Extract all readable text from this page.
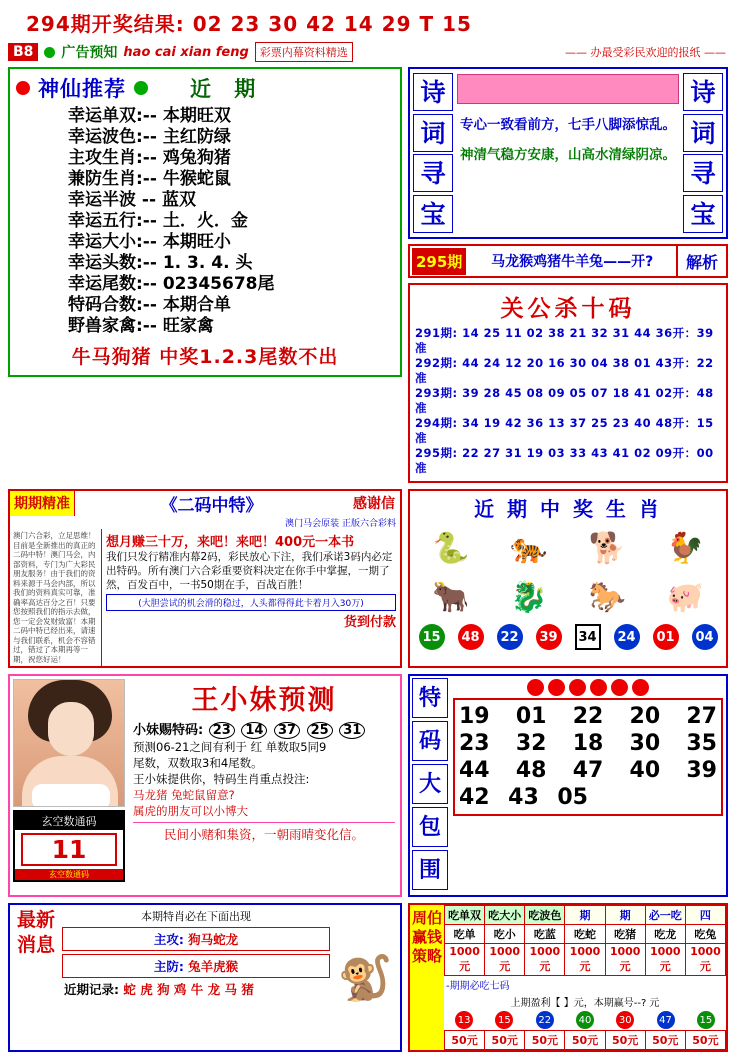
294期开奖结果: 02 23 30 42 14 29 T 15
B8	广告预知 hao cai xian feng	彩票内幕资料精选	—— 办最受彩民欢迎的报纸 ——
神仙推荐	近 期
幸运单双:-- 本期旺双
幸运波色:-- 主红防绿
主攻生肖:-- 鸡兔狗猪
兼防生肖:-- 牛猴蛇鼠
幸运半波 -- 蓝双
幸运五行:-- 土．火．金
幸运大小:-- 本期旺小
幸运头数:-- 1. 3. 4. 头
幸运尾数:-- 02345678尾
特码合数:-- 本期合单
野兽家禽:-- 旺家禽
牛马狗猪 中奖1.2.3尾数不出
诗
词
寻
宝
专心一致看前方，七手八脚添惊乱。
神清气稳方安康，山高水清绿阴凉。
诗
词
寻
宝
295期	马龙猴鸡猪牛羊兔——开?	解析
关公杀十码
291期: 14 25 11 02 38 21 32 31 44 36开：39准
292期: 44 24 12 20 16 30 04 38 01 43开：22准
293期: 39 28 45 08 09 05 07 18 41 02开：48准
294期: 34 19 42 36 13 37 25 23 40 48开：15准
295期: 22 27 31 19 03 33 43 41 02 09开：00准
期期精准	《二码中特》	感谢信
澳门马会原装 正版六合彩料
澳门六合彩，立足思维！目前是全新推出的真正的二码中特！澳门马会，内部资料，专门为广大彩民朋友服务！由于我们的资料来源于马会内部，所以我们的资料真实可靠，准确率高达百分之百！只要您按照我们的指示去做，您一定会发财致富！本期二码中特已经出来，请速与我们联系，机会不容错过，错过了本期再等一期，祝您好运！
想月赚三十万，来吧！来吧！400元一本书
我们只发行精准内幕2码，彩民放心下注，我们承诺3码内必定出特码。所有澳门六合彩重要资料决定在你手中掌握，一期了然，百发百中，一书50期在手，百战百胜！
(大胆尝试的机会滑的稳过，人头都得得此卡着月入30万)
货到付款
近 期 中 奖 生 肖
🐍	🐅	🐕	🐓
🐂	🐉	🐎	🐖
15	48	22	39	34	24	01	04
玄空数通码
11
玄空数通码
王小妹预测
小妹赐特码: 23 14 37 25 31
预测06-21之间有利于 红 单数取5同9
尾数，双数取3和4尾数。
王小妹提供你，特码生肖重点投注:
马龙猪 兔蛇鼠留意?
属虎的朋友可以小博大
民间小赌和集资，一朝雨晴变化信。
特
码
大
包
围
19 01 22 20 27
23 32 18 30 35
44 48 47 40 39
42 43 05
最新消息
本期特肖必在下面出现
主攻: 狗马蛇龙
主防: 兔羊虎猴
近期记录: 蛇 虎 狗 鸡 牛 龙 马 猪	🐒
周伯赢钱策略
吃单双	吃大小	吃波色	期	期	必一吃	四
吃单	吃小	吃蓝	吃蛇	吃猪	吃龙	吃兔
1000元	1000元	1000元	1000元	1000元	1000元	1000元
-期期必吃七码
上期盈利【 】元，本期赢号--? 元
13	15	22	40	30	47	15
50元	50元	50元	50元	50元	50元	50元
